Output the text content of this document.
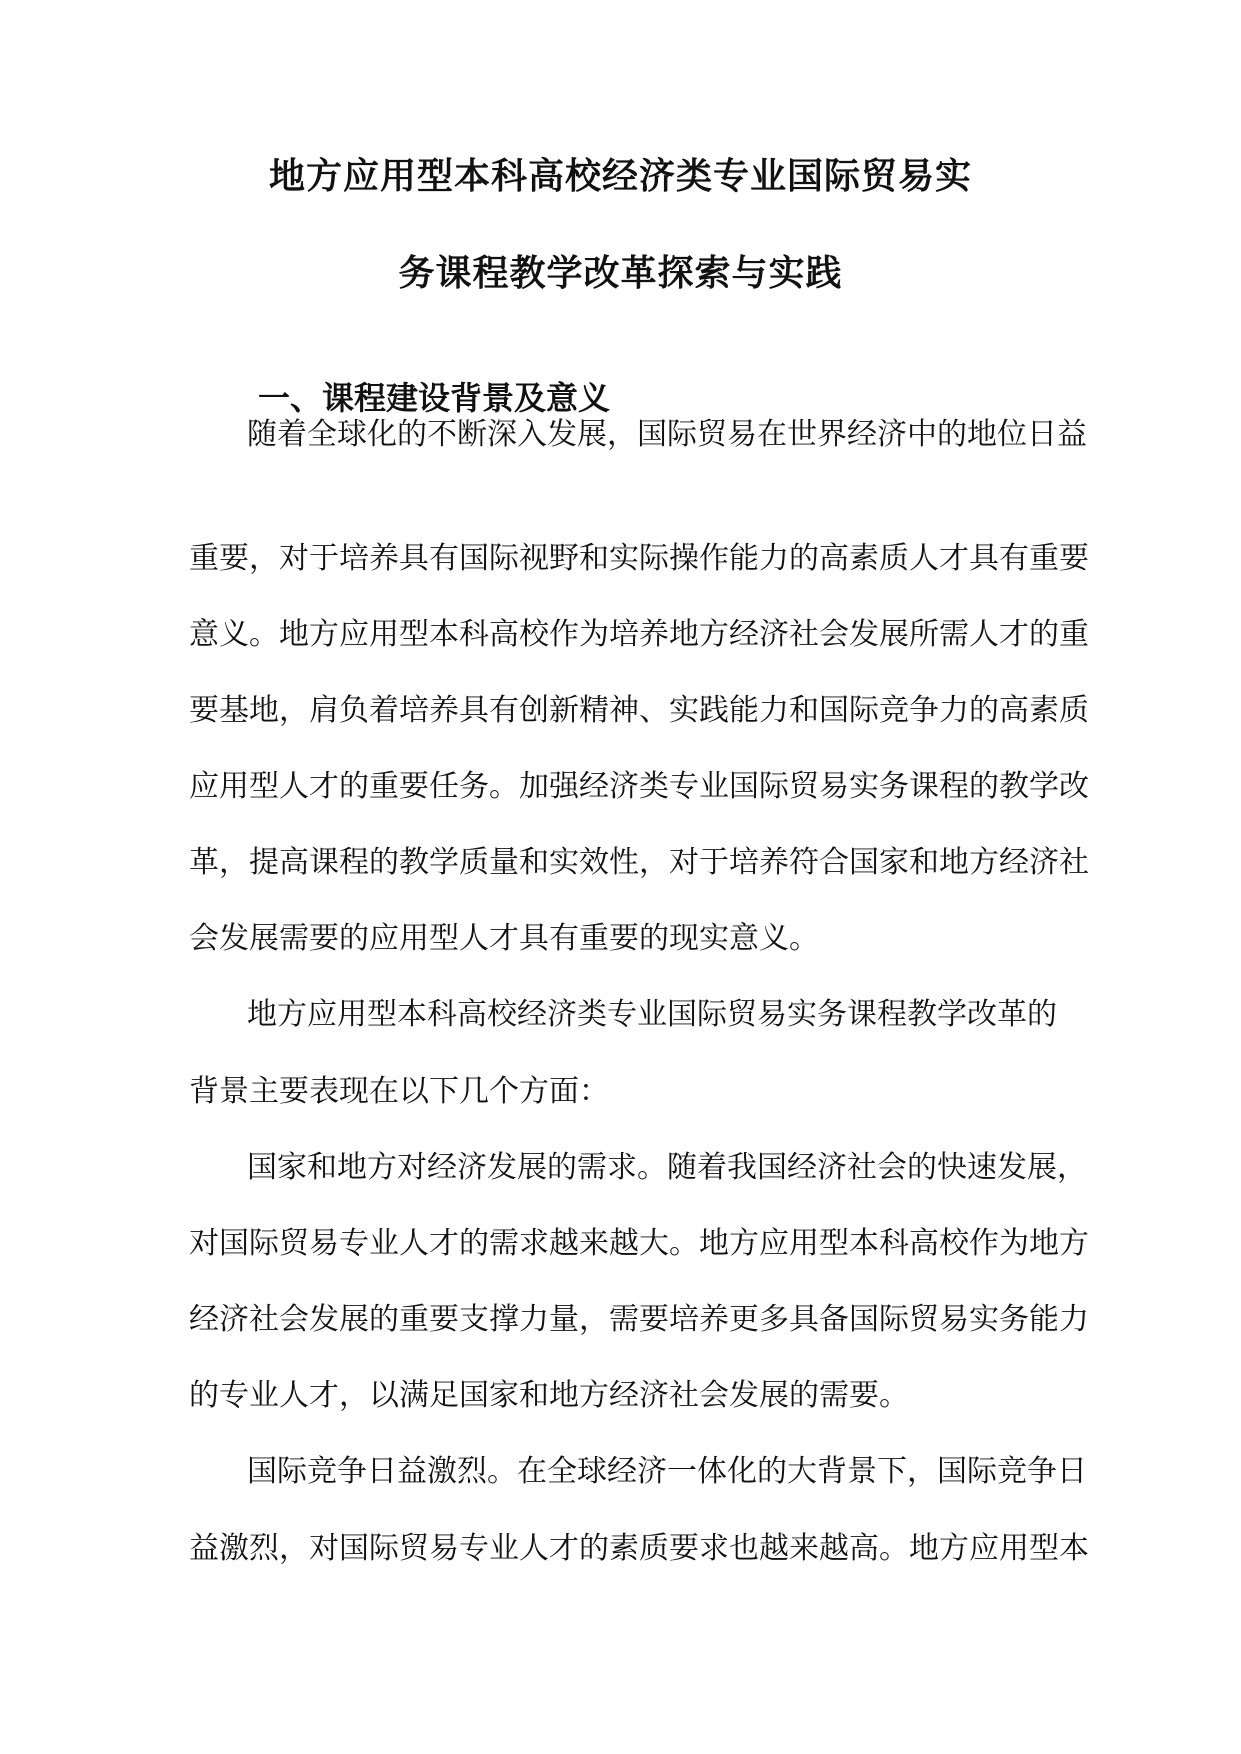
地方应用型本科高校经济类专业国际贸易实
务课程教学改革探索与实践
一、课程建设背景及意义
随着全球化的不断深入发展，国际贸易在世界经济中的地位日益
重要，对于培养具有国际视野和实际操作能力的高素质人才具有重要
意义。地方应用型本科高校作为培养地方经济社会发展所需人才的重
要基地，肩负着培养具有创新精神、实践能力和国际竞争力的高素质
应用型人才的重要任务。加强经济类专业国际贸易实务课程的教学改
革，提高课程的教学质量和实效性，对于培养符合国家和地方经济社
会发展需要的应用型人才具有重要的现实意义。
地方应用型本科高校经济类专业国际贸易实务课程教学改革的
背景主要表现在以下几个方面：
国家和地方对经济发展的需求。随着我国经济社会的快速发展，
对国际贸易专业人才的需求越来越大。地方应用型本科高校作为地方
经济社会发展的重要支撑力量，需要培养更多具备国际贸易实务能力
的专业人才，以满足国家和地方经济社会发展的需要。
国际竞争日益激烈。在全球经济一体化的大背景下，国际竞争日
益激烈，对国际贸易专业人才的素质要求也越来越高。地方应用型本
